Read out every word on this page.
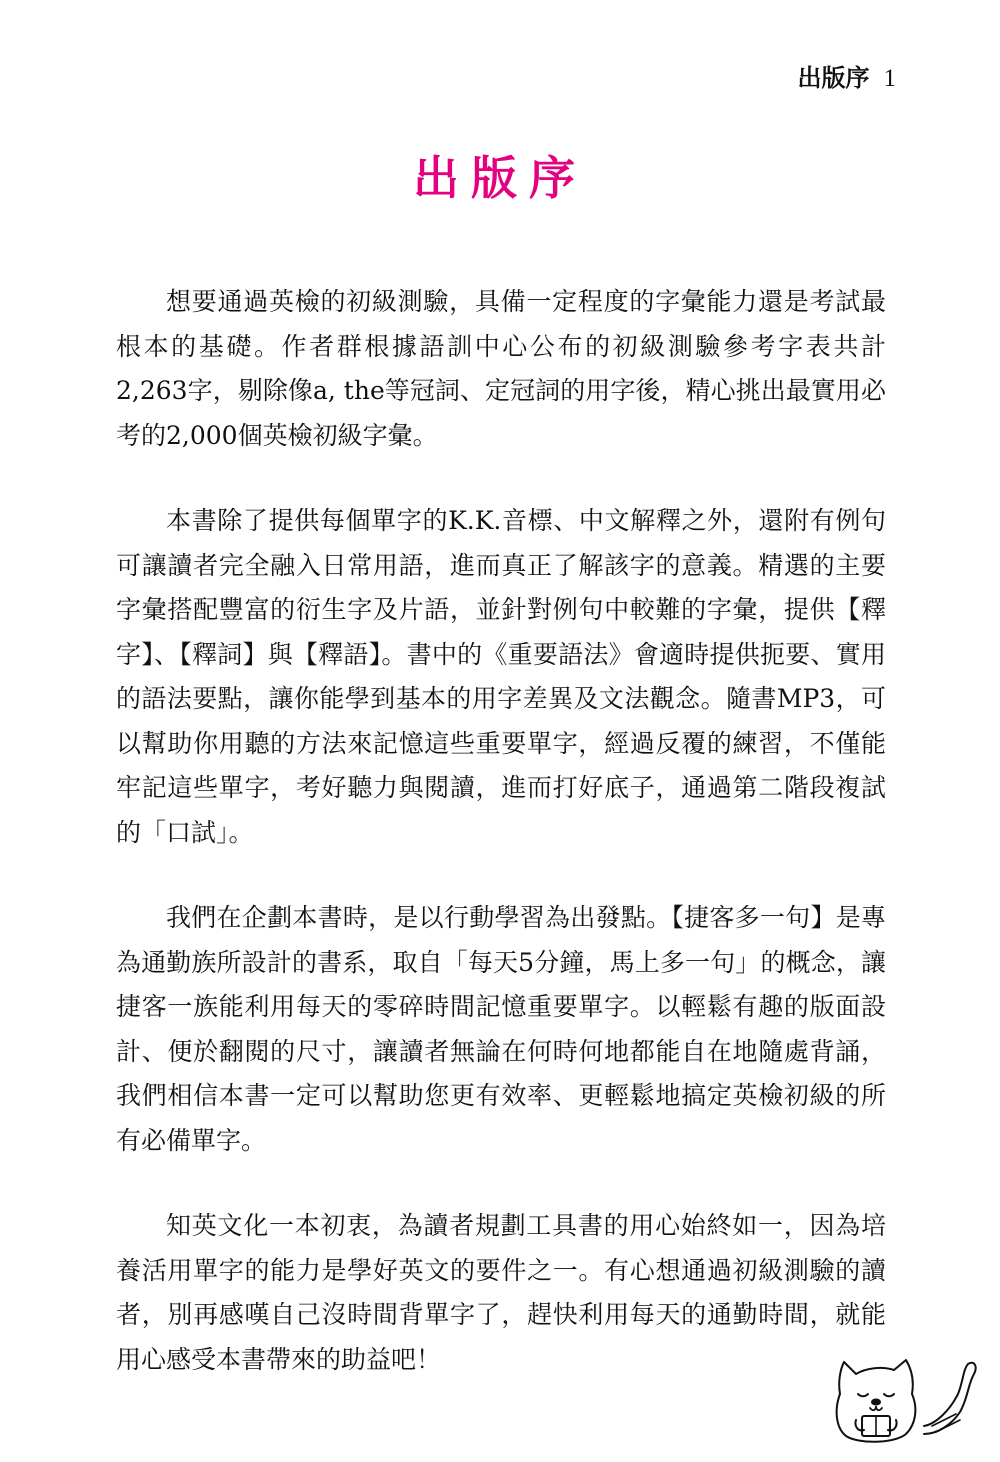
出版序 1
出版序

想要通過英檢的初級測驗，具備一定程度的字彙能力還是考試最根本的基礎。作者群根據語訓中心公布的初級測驗參考字表共計2,263字，剔除像a, the等冠詞、定冠詞的用字後，精心挑出最實用必考的2,000個英檢初級字彙。

本書除了提供每個單字的K.K.音標、中文解釋之外，還附有例句可讓讀者完全融入日常用語，進而真正了解該字的意義。精選的主要字彙搭配豐富的衍生字及片語，並針對例句中較難的字彙，提供【釋字】、【釋詞】與【釋語】。書中的《重要語法》會適時提供扼要、實用的語法要點，讓你能學到基本的用字差異及文法觀念。隨書MP3，可以幫助你用聽的方法來記憶這些重要單字，經過反覆的練習，不僅能牢記這些單字，考好聽力與閱讀，進而打好底子，通過第二階段複試的「口試」。

我們在企劃本書時，是以行動學習為出發點。【捷客多一句】是專為通勤族所設計的書系，取自「每天5分鐘，馬上多一句」的概念，讓捷客一族能利用每天的零碎時間記憶重要單字。以輕鬆有趣的版面設計、便於翻閱的尺寸，讓讀者無論在何時何地都能自在地隨處背誦，我們相信本書一定可以幫助您更有效率、更輕鬆地搞定英檢初級的所有必備單字。

知英文化一本初衷，為讀者規劃工具書的用心始終如一，因為培養活用單字的能力是學好英文的要件之一。有心想通過初級測驗的讀者，別再感嘆自己沒時間背單字了，趕快利用每天的通勤時間，就能用心感受本書帶來的助益吧！
